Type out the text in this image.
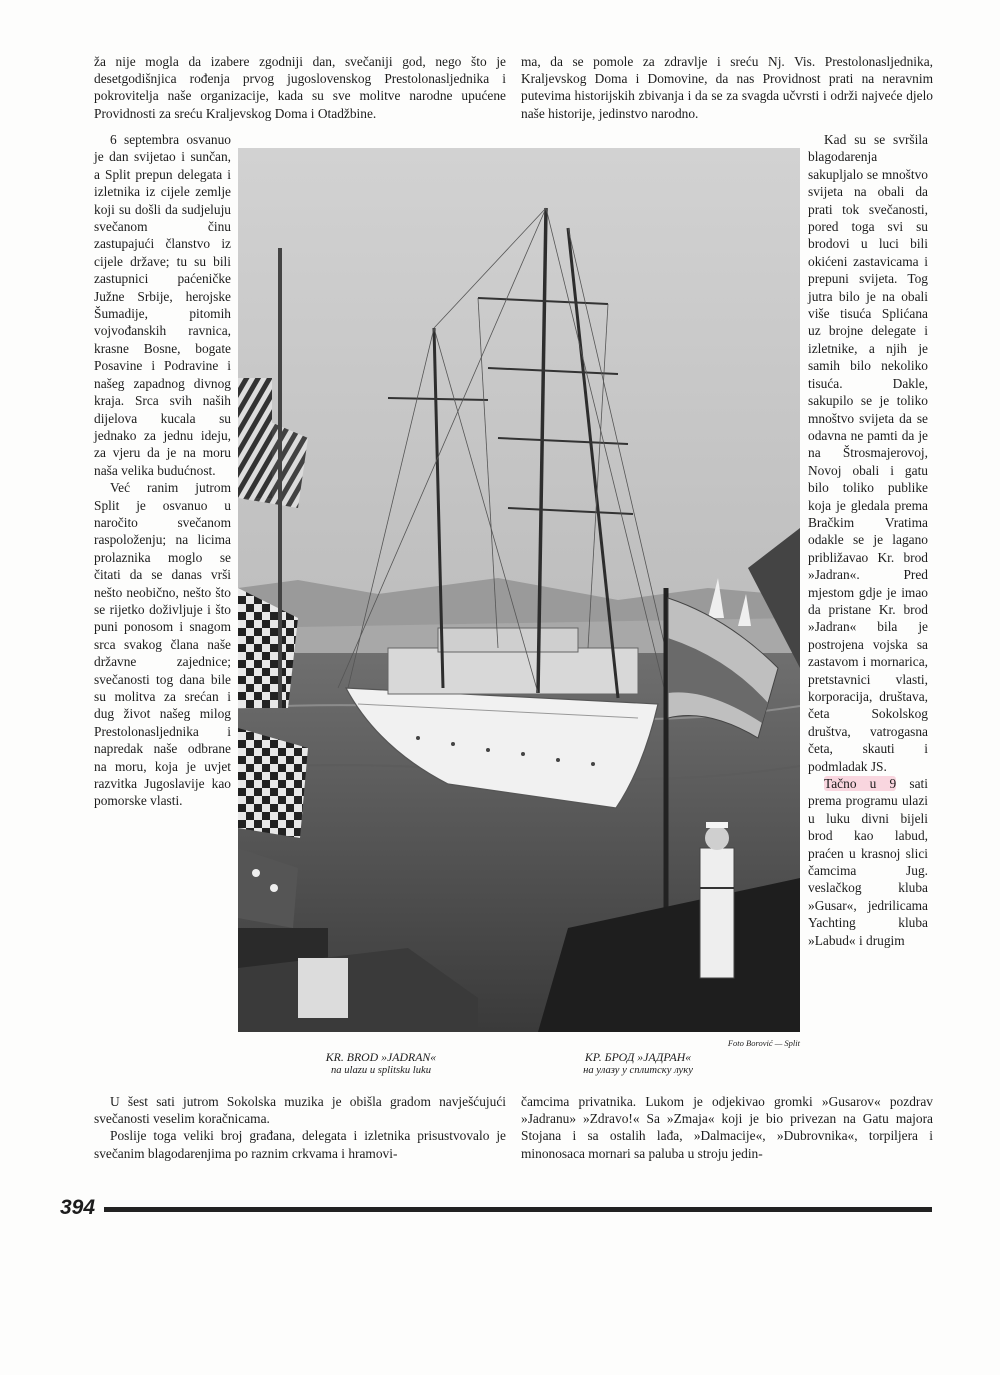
ža nije mogla da izabere zgodniji dan, svečaniji god, nego što je desetgodišnjica rođenja prvog jugoslovenskog Prestolonasljednika i pokrovitelja naše organizacije, kada su sve molitve narodne upućene Providnosti za sreću Kraljevskog Doma i Otadžbine.

ma, da se pomole za zdravlje i sreću Nj. Vis. Prestolonasljednika, Kraljevskog Doma i Domovine, da nas Providnost prati na neravnim putevima historijskih zbivanja i da se za svagda učvrsti i održi najveće djelo naše historije, jedinstvo narodno.

6 septembra osvanuo je dan svijetao i sunčan, a Split prepun delegata i izletnika iz cijele zemlje koji su došli da sudjeluju svečanom činu zastupajući članstvo iz cijele države; tu su bili zastupnici paćeničke Južne Srbije, herojske Šumadije, pitomih vojvođanskih ravnica, krasne Bosne, bogate Posavine i Podravine i našeg zapadnog divnog kraja. Srca svih naših dijelova kucala su jednako za jednu ideju, za vjeru da je na moru naša velika budućnost.

Već ranim jutrom Split je osvanuo u naročito svečanom raspoloženju; na licima prolaznika moglo se čitati da se danas vrši nešto neobično, nešto što se rijetko doživljuje i što puni ponosom i snagom srca svakog člana naše državne zajednice; svečanosti tog dana bile su molitva za srećan i dug život našeg milog Prestolonasljednika i napredak naše odbrane na moru, koja je uvjet razvitka Jugoslavije kao pomorske vlasti.

Foto Borović — Split
KR. BROD »JADRAN«
na ulazu u splitsku luku
КР. БРОД »ЈАДРАН«
на улазу у сплитску луку

Kad su se svršila blagodarenja sakupljalo se mnoštvo svijeta na obali da prati tok svečanosti, pored toga svi su brodovi u luci bili okićeni zastavicama i prepuni svijeta. Tog jutra bilo je na obali više tisuća Splićana uz brojne delegate i izletnike, a njih je samih bilo nekoliko tisuća. Dakle, sakupilo se je toliko mnoštvo svijeta da se odavna ne pamti da je na Štrosmajerovoj, Novoj obali i gatu bilo toliko publike koja je gledala prema Bračkim Vratima odakle se je lagano približavao Kr. brod »Jadran«. Pred mjestom gdje je imao da pristane Kr. brod »Jadran« bila je postrojena vojska sa zastavom i mornarica, pretstavnici vlasti, korporacija, društava, četa Sokolskog društva, vatrogasna četa, skauti i podmladak JS.

Tačno u 9 sati prema programu ulazi u luku divni bijeli brod kao labud, praćen u krasnoj slici čamcima Jug. veslačkog kluba »Gusar«, jedrilicama Yachting kluba »Labud« i drugim

U šest sati jutrom Sokolska muzika je obišla gradom navješćujući svečanosti veselim koračnicama.

Poslije toga veliki broj građana, delegata i izletnika prisustvovalo je svečanim blagodarenjima po raznim crkvama i hramovi-

čamcima privatnika. Lukom je odjekivao gromki »Gusarov« pozdrav »Jadranu» »Zdravo!« Sa »Zmaja« koji je bio privezan na Gatu majora Stojana i sa ostalih lađa, »Dalmacije«, »Dubrovnika«, torpiljera i minonosaca mornari sa paluba u stroju jedin-

394
